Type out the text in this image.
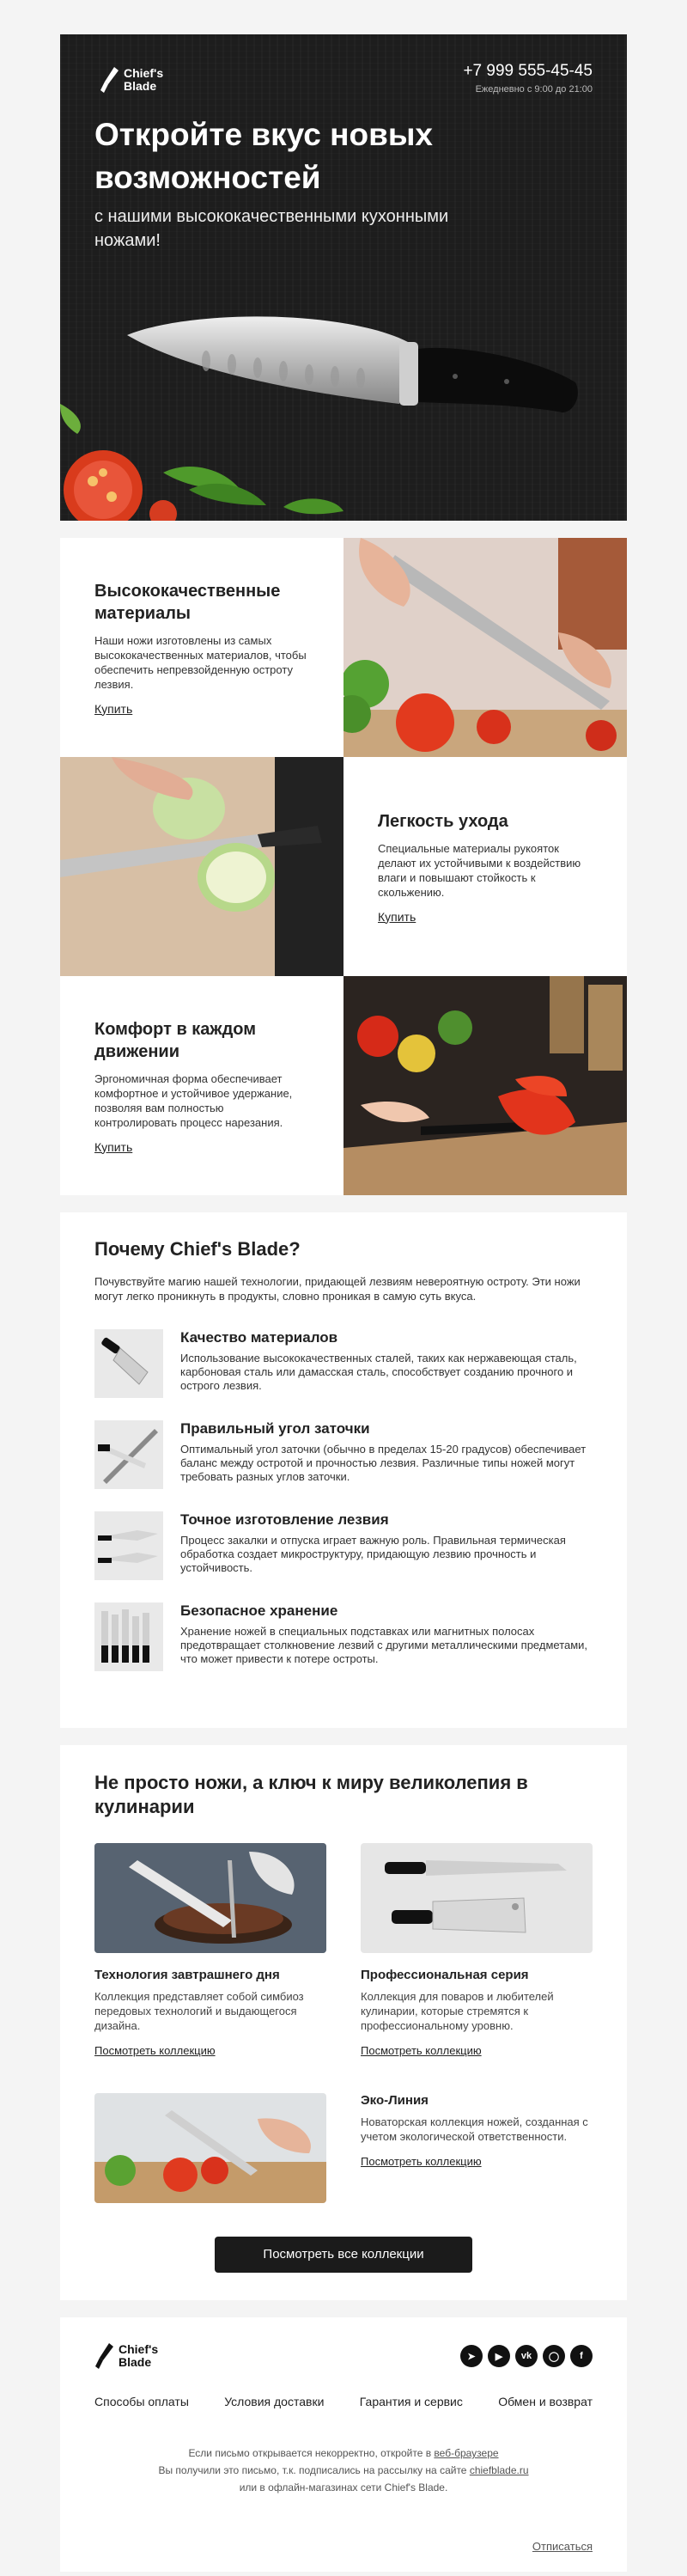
Chief's
Blade
+7 999 555-45-45
Ежедневно с 9:00 до 21:00
Откройте вкус новых возможностей
с нашими высококачественными кухонными ножами!
Высококачественные материалы

Наши ножи изготовлены из самых высококачественных материалов, чтобы обеспечить непревзойденную остроту лезвия.

Купить
Легкость ухода

Специальные материалы рукояток делают их устойчивыми к воздействию влаги и повышают стойкость к скольжению.

Купить
Комфорт в каждом движении

Эргономичная форма обеспечивает комфортное и устойчивое удержание, позволяя вам полностью контролировать процесс нарезания.

Купить
Почему Chief's Blade?
Почувствуйте магию нашей технологии, придающей лезвиям невероятную остроту. Эти ножи могут легко проникнуть в продукты, словно проникая в самую суть вкуса.
Качество материалов

Использование высококачественных сталей, таких как нержавеющая сталь, карбоновая сталь или дамасская сталь, способствует созданию прочного и острого лезвия.

Правильный угол заточки

Оптимальный угол заточки (обычно в пределах 15-20 градусов) обеспечивает баланс между остротой и прочностью лезвия. Различные типы ножей могут требовать разных углов заточки.

Точное изготовление лезвия

Процесс закалки и отпуска играет важную роль. Правильная термическая обработка создает микроструктуру, придающую лезвию прочность и устойчивость.

Безопасное хранение

Хранение ножей в специальных подставках или магнитных полосах предотвращает столкновение лезвий с другими металлическими предметами, что может привести к потере остроты.

Не просто ножи, а ключ к миру великолепия в кулинарии
Технология завтрашнего дня

Коллекция представляет собой симбиоз передовых технологий и выдающегося дизайна.

Посмотреть коллекцию
Профессиональная серия

Коллекция для поваров и любителей кулинарии, которые стремятся к профессиональному уровню.

Посмотреть коллекцию
Эко-Линия

Новаторская коллекция ножей, созданная с учетом экологической ответственности.

Посмотреть коллекцию
Посмотреть все коллекции
Chief's
Blade	➤	▶	vk	◯	f
Способы оплаты	Условия доставки	Гарантия и сервис	Обмен и возврат
Если письмо открывается некорректно, откройте в веб-браузере
Вы получили это письмо, т.к. подписались на рассылку на сайте chiefblade.ru
или в офлайн-магазинах сети Chief's Blade.
Отписаться
